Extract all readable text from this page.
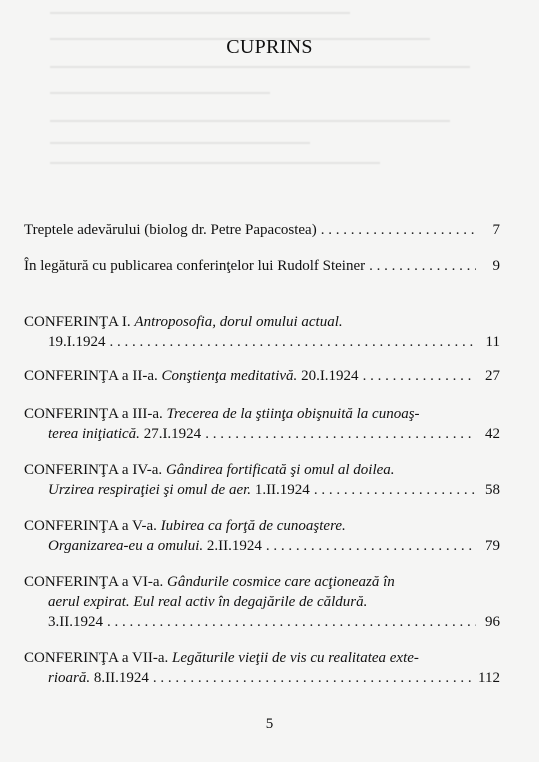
CUPRINS
Treptele adevărului (biolog dr. Petre Papacostea) . . .	7
În legătură cu publicarea conferinţelor lui Rudolf Steiner . . .	9
CONFERINŢA I. Antroposofia, dorul omului actual.
19.I.1924 . . .	11
CONFERINŢA a II-a. Conştienţa meditativă. 20.I.1924 . . .	27
CONFERINŢA a III-a. Trecerea de la ştiinţa obişnuită la cunoaş-
terea iniţiatică. 27.I.1924 . . .	42
CONFERINŢA a IV-a. Gândirea fortificată şi omul al doilea.
Urzirea respiraţiei şi omul de aer. 1.II.1924 . . .	58
CONFERINŢA a V-a. Iubirea ca forţă de cunoaştere.
Organizarea-eu a omului. 2.II.1924 . . .	79
CONFERINŢA a VI-a. Gândurile cosmice care acţionează în
aerul expirat. Eul real activ în degajările de căldură.
3.II.1924 . . .	96
CONFERINŢA a VII-a. Legăturile vieţii de vis cu realitatea exte-
rioară. 8.II.1924 . . .	112
5
